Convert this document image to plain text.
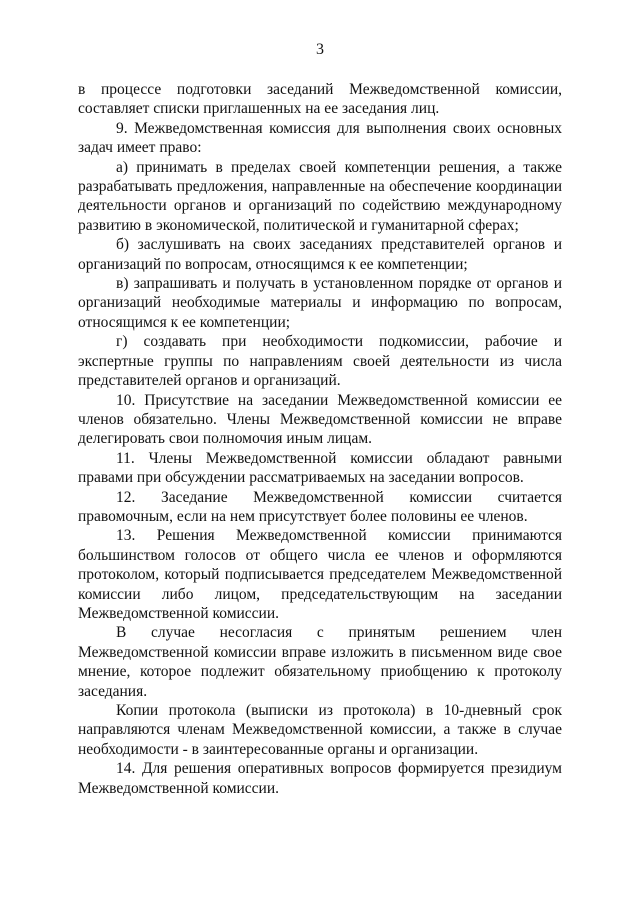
3

в процессе подготовки заседаний Межведомственной комиссии, составляет списки приглашенных на ее заседания лиц.

9. Межведомственная комиссия для выполнения своих основных задач имеет право:

а) принимать в пределах своей компетенции решения, а также разрабатывать предложения, направленные на обеспечение координации деятельности органов и организаций по содействию международному развитию в экономической, политической и гуманитарной сферах;

б) заслушивать на своих заседаниях представителей органов и организаций по вопросам, относящимся к ее компетенции;

в) запрашивать и получать в установленном порядке от органов и организаций необходимые материалы и информацию по вопросам, относящимся к ее компетенции;

г) создавать при необходимости подкомиссии, рабочие и экспертные группы по направлениям своей деятельности из числа представителей органов и организаций.

10. Присутствие на заседании Межведомственной комиссии ее членов обязательно. Члены Межведомственной комиссии не вправе делегировать свои полномочия иным лицам.

11. Члены Межведомственной комиссии обладают равными правами при обсуждении рассматриваемых на заседании вопросов.

12. Заседание Межведомственной комиссии считается правомочным, если на нем присутствует более половины ее членов.

13. Решения Межведомственной комиссии принимаются большинством голосов от общего числа ее членов и оформляются протоколом, который подписывается председателем Межведомственной комиссии либо лицом, председательствующим на заседании Межведомственной комиссии.

В случае несогласия с принятым решением член Межведомственной комиссии вправе изложить в письменном виде свое мнение, которое подлежит обязательному приобщению к протоколу заседания.

Копии протокола (выписки из протокола) в 10-дневный срок направляются членам Межведомственной комиссии, а также в случае необходимости - в заинтересованные органы и организации.

14. Для решения оперативных вопросов формируется президиум Межведомственной комиссии.
